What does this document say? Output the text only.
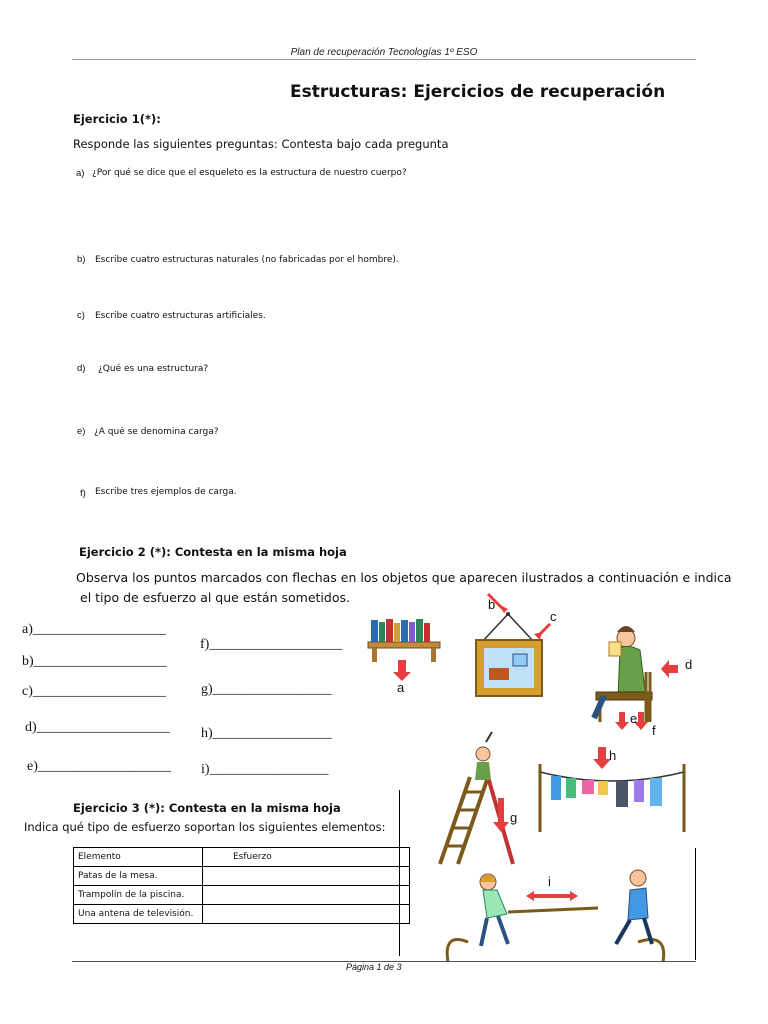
Plan de recuperación Tecnologías 1º ESO
Estructuras: Ejercicios de recuperación
Ejercicio 1(*):
Responde las siguientes preguntas: Contesta bajo cada pregunta
a) ¿Por qué se dice que el esqueleto es la estructura de nuestro cuerpo?
b) Escribe cuatro estructuras naturales (no fabricadas por el hombre).
c) Escribe cuatro estructuras artificiales.
d) ¿Qué es una estructura?
e) ¿A qué se denomina carga?
f) Escribe tres ejemplos de carga.
Ejercicio 2 (*): Contesta en la misma hoja
Observa los puntos marcados con flechas en los objetos que aparecen ilustrados a continuación e indica
el tipo de esfuerzo al que están sometidos.
a)___________________
b)___________________
c)___________________
d)___________________
e)___________________
f)___________________
g)_________________
h)_________________
i)_________________
a
b
c
d
e
f
g
h
i
Ejercicio 3 (*): Contesta en la misma hoja
Indica qué tipo de esfuerzo soportan los siguientes elementos:
Elemento	Esfuerzo
Patas de la mesa.	
Trampolín de la piscina.	
Una antena de televisión.	
Página 1 de 3
